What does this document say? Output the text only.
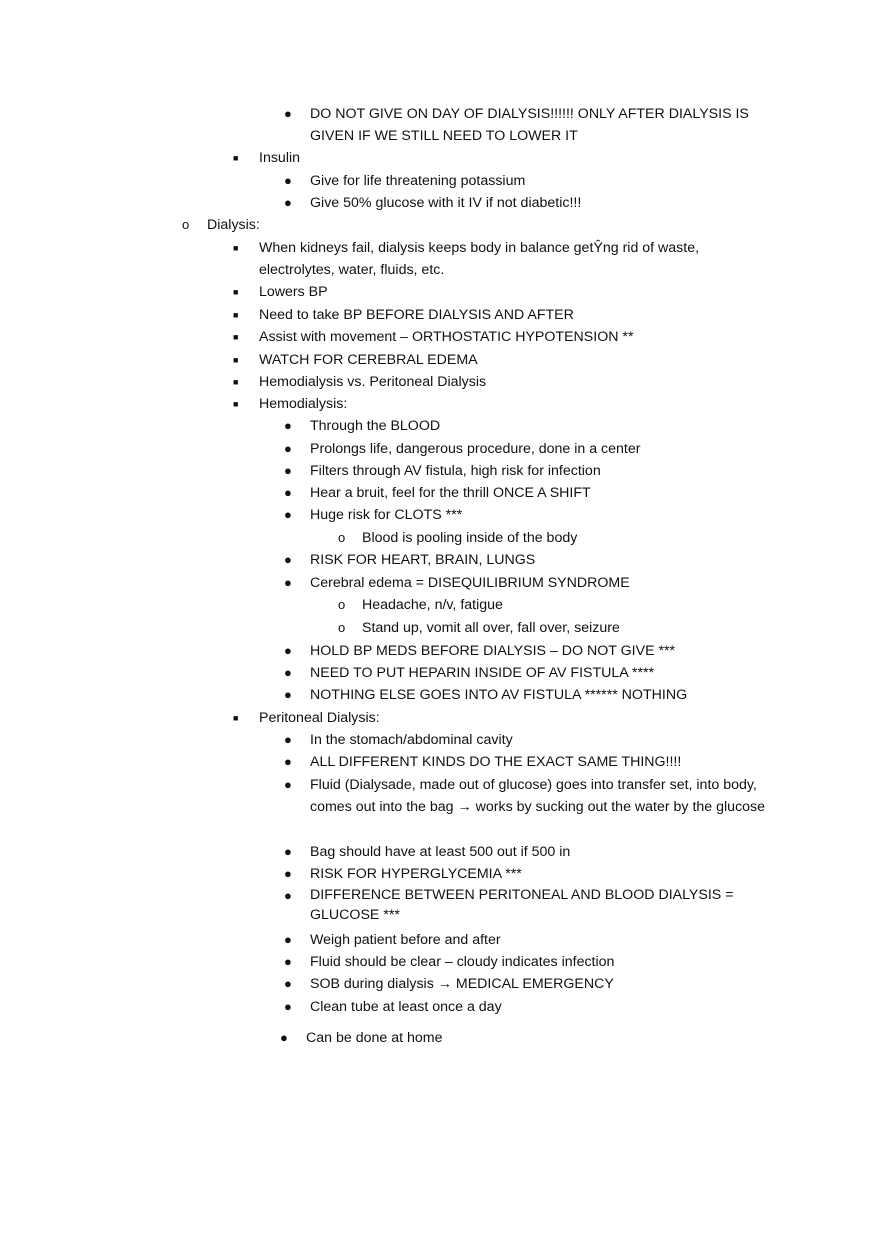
● DO NOT GIVE ON DAY OF DIALYSIS!!!!!! ONLY AFTER DIALYSIS IS GIVEN IF WE STILL NEED TO LOWER IT
■ Insulin
● Give for life threatening potassium
● Give 50% glucose with it IV if not diabetic!!!
o Dialysis:
■ When kidneys fail, dialysis keeps body in balance getŶng rid of waste, electrolytes, water, fluids, etc.
■ Lowers BP
■ Need to take BP BEFORE DIALYSIS AND AFTER
■ Assist with movement – ORTHOSTATIC HYPOTENSION **
■ WATCH FOR CEREBRAL EDEMA
■ Hemodialysis vs. Peritoneal Dialysis
■ Hemodialysis:
● Through the BLOOD
● Prolongs life, dangerous procedure, done in a center
● Filters through AV fistula, high risk for infection
● Hear a bruit, feel for the thrill ONCE A SHIFT
● Huge risk for CLOTS ***
o Blood is pooling inside of the body
● RISK FOR HEART, BRAIN, LUNGS
● Cerebral edema = DISEQUILIBRIUM SYNDROME
o Headache, n/v, fatigue
o Stand up, vomit all over, fall over, seizure
● HOLD BP MEDS BEFORE DIALYSIS – DO NOT GIVE ***
● NEED TO PUT HEPARIN INSIDE OF AV FISTULA ****
● NOTHING ELSE GOES INTO AV FISTULA ****** NOTHING
■ Peritoneal Dialysis:
● In the stomach/abdominal cavity
● ALL DIFFERENT KINDS DO THE EXACT SAME THING!!!!
● Fluid (Dialysade, made out of glucose) goes into transfer set, into body, comes out into the bag → works by sucking out the water by the glucose
● Bag should have at least 500 out if 500 in
● RISK FOR HYPERGLYCEMIA ***
● DIFFERENCE BETWEEN PERITONEAL AND BLOOD DIALYSIS = GLUCOSE ***
● Weigh patient before and after
● Fluid should be clear – cloudy indicates infection
● SOB during dialysis → MEDICAL EMERGENCY
● Clean tube at least once a day
● Can be done at home
